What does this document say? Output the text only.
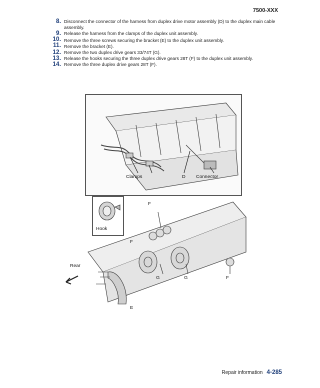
7500-XXX
8. Disconnect the connector of the harness from duplex drive motor assembly (D) to the duplex main cable assembly.
9. Release the harness from the clamps of the duplex unit assembly.
10. Remove the three screws securing the bracket (E) to the duplex unit assembly.
11. Remove the bracket (E).
12. Remove the two duplex drive gears 33/74T (G).
13. Release the hooks securing the three duplex drive gears 28T (F) to the duplex unit assembly.
14. Remove the three duplex drive gears 28T (F).
Clamps	D Connector
F
F
G	G	F
E
Rear
Hook
Repair information 4-285
